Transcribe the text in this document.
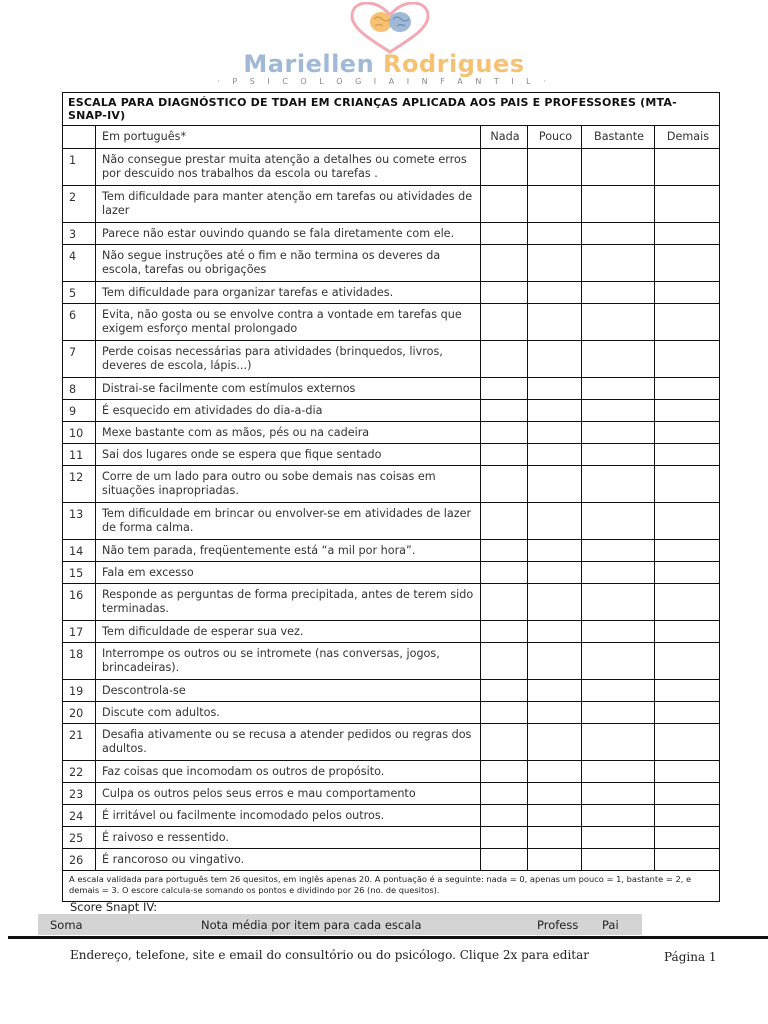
Mariellen Rodrigues
· P S I C O L O G I A I N F A N T I L ·
ESCALA PARA DIAGNÓSTICO DE TDAH EM CRIANÇAS APLICADA AOS PAIS E PROFESSORES (MTA-SNAP-IV)					
	Em português*	Nada	Pouco	Bastante	Demais
1	Não consegue prestar muita atenção a detalhes ou comete erros por descuido nos trabalhos da escola ou tarefas .				
2	Tem dificuldade para manter atenção em tarefas ou atividades de lazer				
3	Parece não estar ouvindo quando se fala diretamente com ele.				
4	Não segue instruções até o fim e não termina os deveres da escola, tarefas ou obrigações				
5	Tem dificuldade para organizar tarefas e atividades.				
6	Evita, não gosta ou se envolve contra a vontade em tarefas que exigem esforço mental prolongado				
7	Perde coisas necessárias para atividades (brinquedos, livros, deveres de escola, lápis...)				
8	Distrai-se facilmente com estímulos externos				
9	É esquecido em atividades do dia-a-dia				
10	Mexe bastante com as mãos, pés ou na cadeira				
11	Sai dos lugares onde se espera que fique sentado				
12	Corre de um lado para outro ou sobe demais nas coisas em situações inapropriadas.				
13	Tem dificuldade em brincar ou envolver-se em atividades de lazer de forma calma.				
14	Não tem parada, freqüentemente está “a mil por hora”.				
15	Fala em excesso				
16	Responde as perguntas de forma precipitada, antes de terem sido terminadas.				
17	Tem dificuldade de esperar sua vez.				
18	Interrompe os outros ou se intromete (nas conversas, jogos, brincadeiras).				
19	Descontrola-se				
20	Discute com adultos.				
21	Desafia ativamente ou se recusa a atender pedidos ou regras dos adultos.				
22	Faz coisas que incomodam os outros de propósito.				
23	Culpa os outros pelos seus erros e mau comportamento				
24	É irritável ou facilmente incomodado pelos outros.				
25	É raivoso e ressentido.				
26	É rancoroso ou vingativo.				
A escala validada para português tem 26 quesitos, em inglês apenas 20. A pontuação é a seguinte: nada = 0, apenas um pouco = 1, bastante = 2, e demais = 3. O escore calcula-se somando os pontos e dividindo por 26 (no. de quesitos).					
Score Snapt IV:
Soma	Nota média por item para cada escala	Profess Pai
Endereço, telefone, site e email do consultório ou do psicólogo. Clique 2x para editar	Página 1
